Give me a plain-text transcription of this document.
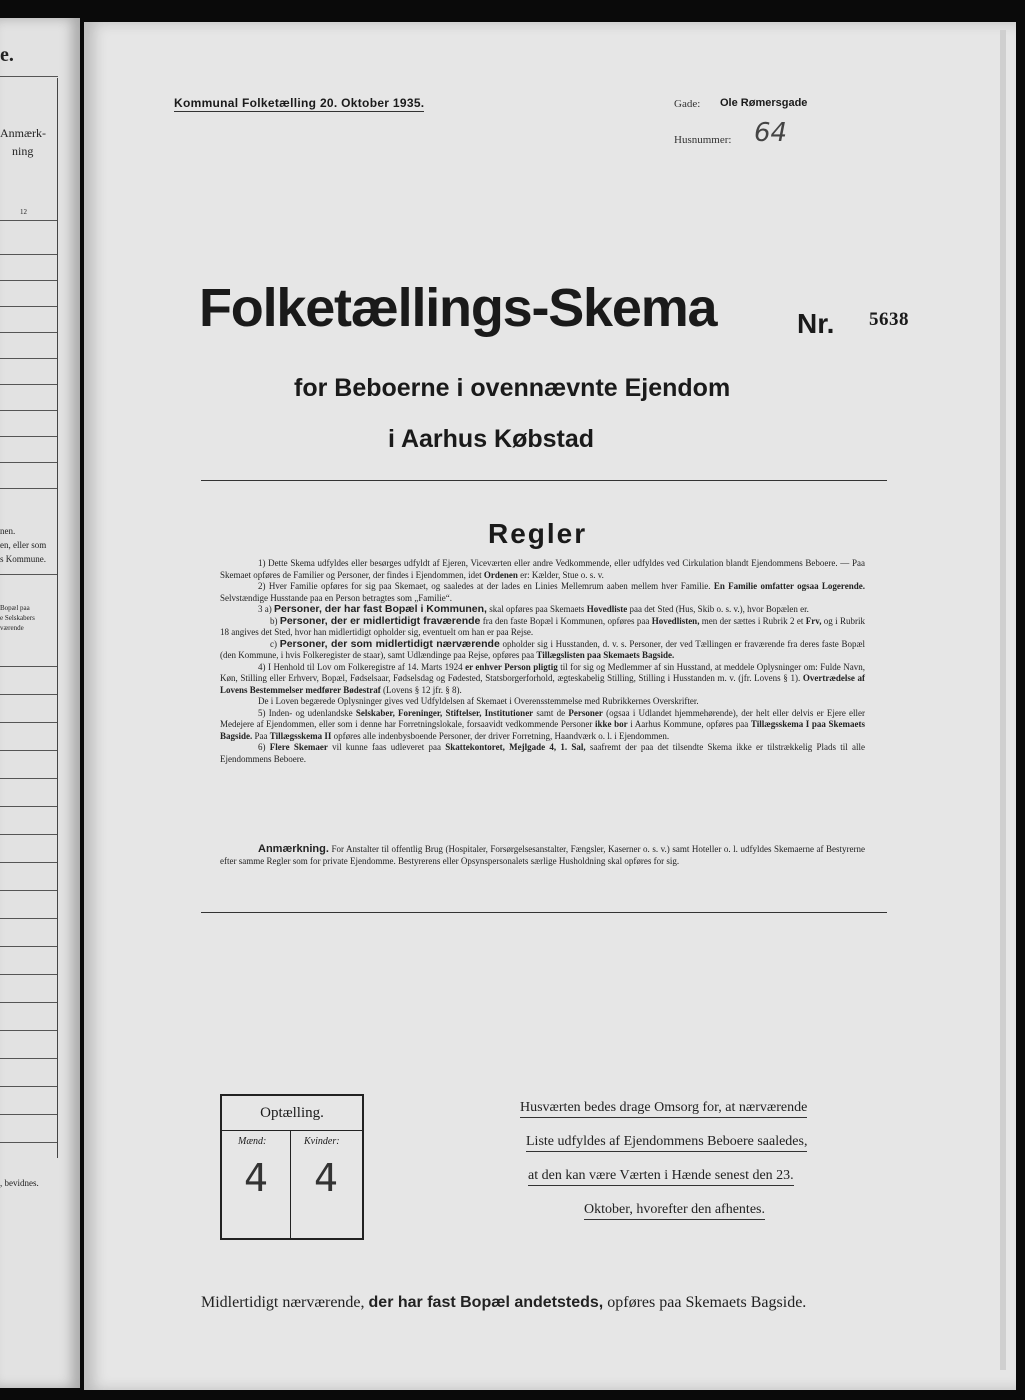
e.
Anmærk-
ning
12
nen.
en, eller som
s Kommune.
Bopæl paa
e Selskabers
værende
, bevidnes.
Kommunal Folketælling 20. Oktober 1935.	Gade: Ole Rømersgade
Husnummer: 64
Folketællings-Skema	Nr. 5638
for Beboerne i ovennævnte Ejendom
i Aarhus Købstad
Regler

1) Dette Skema udfyldes eller besørges udfyldt af Ejeren, Viceværten eller andre Vedkommende, eller udfyldes ved Cirkulation blandt Ejendommens Beboere. — Paa Skemaet opføres de Familier og Personer, der findes i Ejendommen, idet Ordenen er: Kælder, Stue o. s. v.

2) Hver Familie opføres for sig paa Skemaet, og saaledes at der lades en Linies Mellemrum aaben mellem hver Familie. En Familie omfatter ogsaa Logerende. Selvstændige Husstande paa en Person betragtes som „Familie“.

3 a) Personer, der har fast Bopæl i Kommunen, skal opføres paa Skemaets Hovedliste paa det Sted (Hus, Skib o. s. v.), hvor Bopælen er.

b) Personer, der er midlertidigt fraværende fra den faste Bopæl i Kommunen, opføres paa Hovedlisten, men der sættes i Rubrik 2 et Frv, og i Rubrik 18 angives det Sted, hvor han midlertidigt opholder sig, eventuelt om han er paa Rejse.

c) Personer, der som midlertidigt nærværende opholder sig i Husstanden, d. v. s. Personer, der ved Tællingen er fraværende fra deres faste Bopæl (den Kommune, i hvis Folkeregister de staar), samt Udlændinge paa Rejse, opføres paa Tillægslisten paa Skemaets Bagside.

4) I Henhold til Lov om Folkeregistre af 14. Marts 1924 er enhver Person pligtig til for sig og Medlemmer af sin Husstand, at meddele Oplysninger om: Fulde Navn, Køn, Stilling eller Erhverv, Bopæl, Fødselsaar, Fødselsdag og Fødested, Statsborgerforhold, ægteskabelig Stilling, Stilling i Husstanden m. v. (jfr. Lovens § 1). Overtrædelse af Lovens Bestemmelser medfører Bødestraf (Lovens § 12 jfr. § 8).

De i Loven begærede Oplysninger gives ved Udfyldelsen af Skemaet i Overensstemmelse med Rubrikkernes Overskrifter.

5) Inden- og udenlandske Selskaber, Foreninger, Stiftelser, Institutioner samt de Personer (ogsaa i Udlandet hjemmehørende), der helt eller delvis er Ejere eller Medejere af Ejendommen, eller som i denne har Forretningslokale, forsaavidt vedkommende Personer ikke bor i Aarhus Kommune, opføres paa Tillægsskema I paa Skemaets Bagside. Paa Tillægsskema II opføres alle indenbysboende Personer, der driver Forretning, Haandværk o. l. i Ejendommen.

6) Flere Skemaer vil kunne faas udleveret paa Skattekontoret, Mejlgade 4, 1. Sal, saafremt der paa det tilsendte Skema ikke er tilstrækkelig Plads til alle Ejendommens Beboere.

Anmærkning. For Anstalter til offentlig Brug (Hospitaler, Forsørgelsesanstalter, Fængsler, Kaserner o. s. v.) samt Hoteller o. l. udfyldes Skemaerne af Bestyrerne efter samme Regler som for private Ejendomme. Bestyrerens eller Opsynspersonalets særlige Husholdning skal opføres for sig.
Optælling.
Mænd:	Kvinder:
4 4
Husværten bedes drage Omsorg for, at nærværende
Liste udfyldes af Ejendommens Beboere saaledes,
at den kan være Værten i Hænde senest den 23.
Oktober, hvorefter den afhentes.
Midlertidigt nærværende, der har fast Bopæl andetsteds, opføres paa Skemaets Bagside.
